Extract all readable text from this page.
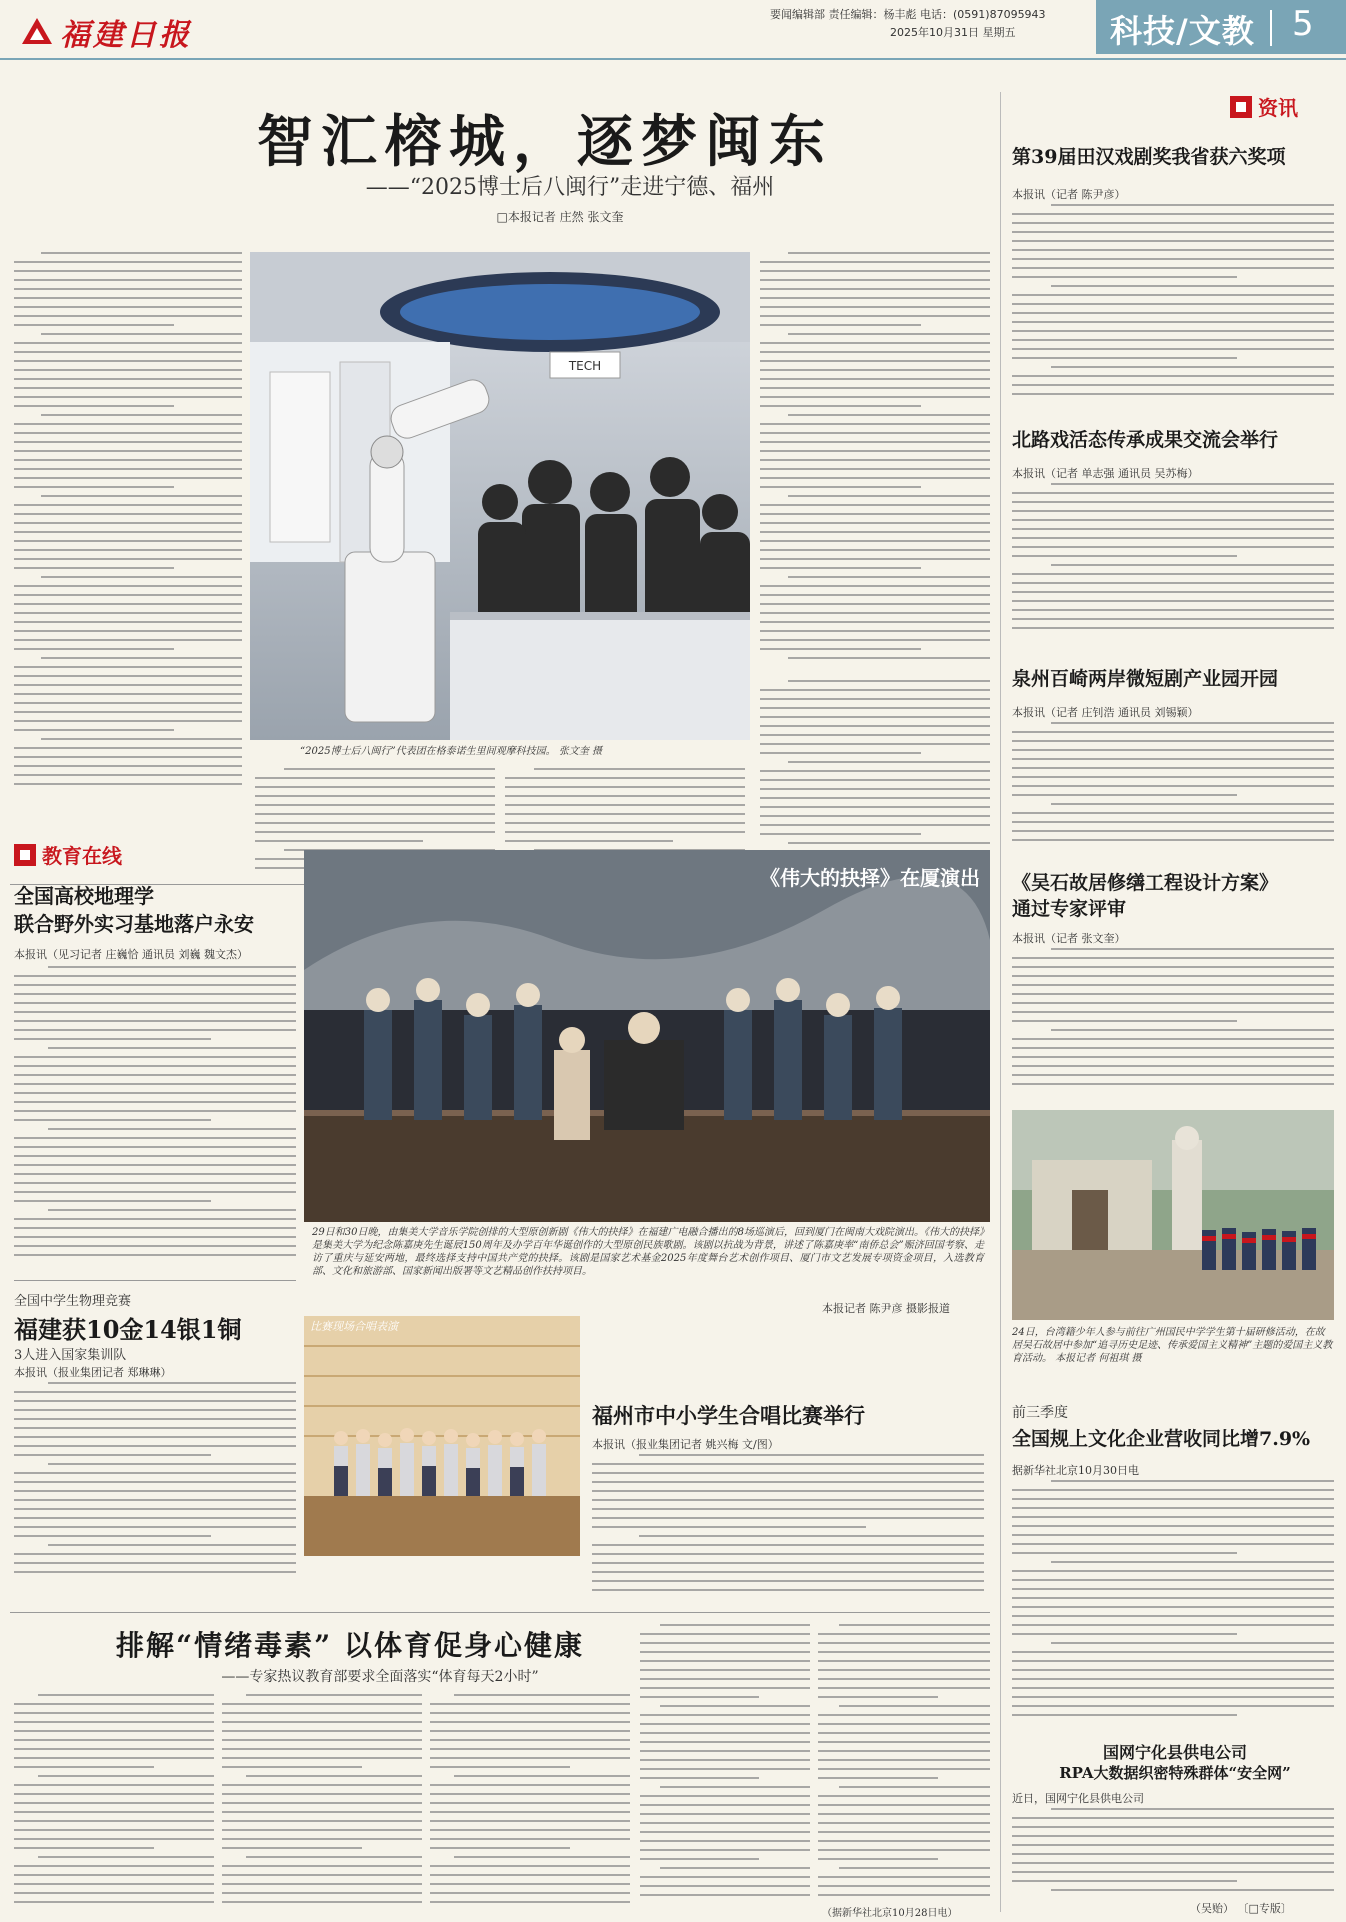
福建日报
要闻编辑部 责任编辑：杨丰彪 电话：(0591)87095943
2025年10月31日 星期五	科技/文教 5
智汇榕城，逐梦闽东
——“2025博士后八闽行”走进宁德、福州
□本报记者 庄然 张文奎
TECH
“2025博士后八闽行”代表团在格泰诺生里间观摩科技园。 张文奎 摄
资讯
第39届田汉戏剧奖我省获六奖项
本报讯（记者 陈尹彦）
北路戏活态传承成果交流会举行
本报讯（记者 单志强 通讯员 吴苏梅）
泉州百崎两岸微短剧产业园开园
本报讯（记者 庄钊浩 通讯员 刘锡颖）
《吴石故居修缮工程设计方案》
通过专家评审
本报讯（记者 张文奎）
24日，台湾籍少年人参与前往广州国民中学学生第十届研修活动，在故居吴石故居中参加“追寻历史足迹、传承爱国主义精神”主题的爱国主义教育活动。 本报记者 何祖琪 摄
前三季度
全国规上文化企业营收同比增7.9%
据新华社北京10月30日电
国网宁化县供电公司
RPA大数据织密特殊群体“安全网”
近日，国网宁化县供电公司
（吴贻） 〔□专版〕
教育在线
全国高校地理学
联合野外实习基地落户永安
本报讯（见习记者 庄巍恰 通讯员 刘巍 魏文杰）
全国中学生物理竞赛
福建获10金14银1铜
3人进入国家集训队
本报讯（报业集团记者 郑琳琳）
《伟大的抉择》在厦演出
29日和30日晚，由集美大学音乐学院创排的大型原创新剧《伟大的抉择》在福建广电融合播出的8场巡演后，回到厦门在闽南大戏院演出。《伟大的抉择》是集美大学为纪念陈嘉庚先生诞辰150周年及办学百年华诞创作的大型原创民族歌剧。该剧以抗战为背景，讲述了陈嘉庚率“南侨总会”赈济回国考察、走访了重庆与延安两地，最终选择支持中国共产党的抉择。该剧是国家艺术基金2025年度舞台艺术创作项目、厦门市文艺发展专项资金项目，入选教育部、文化和旅游部、国家新闻出版署等文艺精品创作扶持项目。
本报记者 陈尹彦 摄影报道
比赛现场合唱表演
福州市中小学生合唱比赛举行
本报讯（报业集团记者 姚兴梅 文/图）
排解“情绪毒素” 以体育促身心健康
——专家热议教育部要求全面落实“体育每天2小时”
（据新华社北京10月28日电）
